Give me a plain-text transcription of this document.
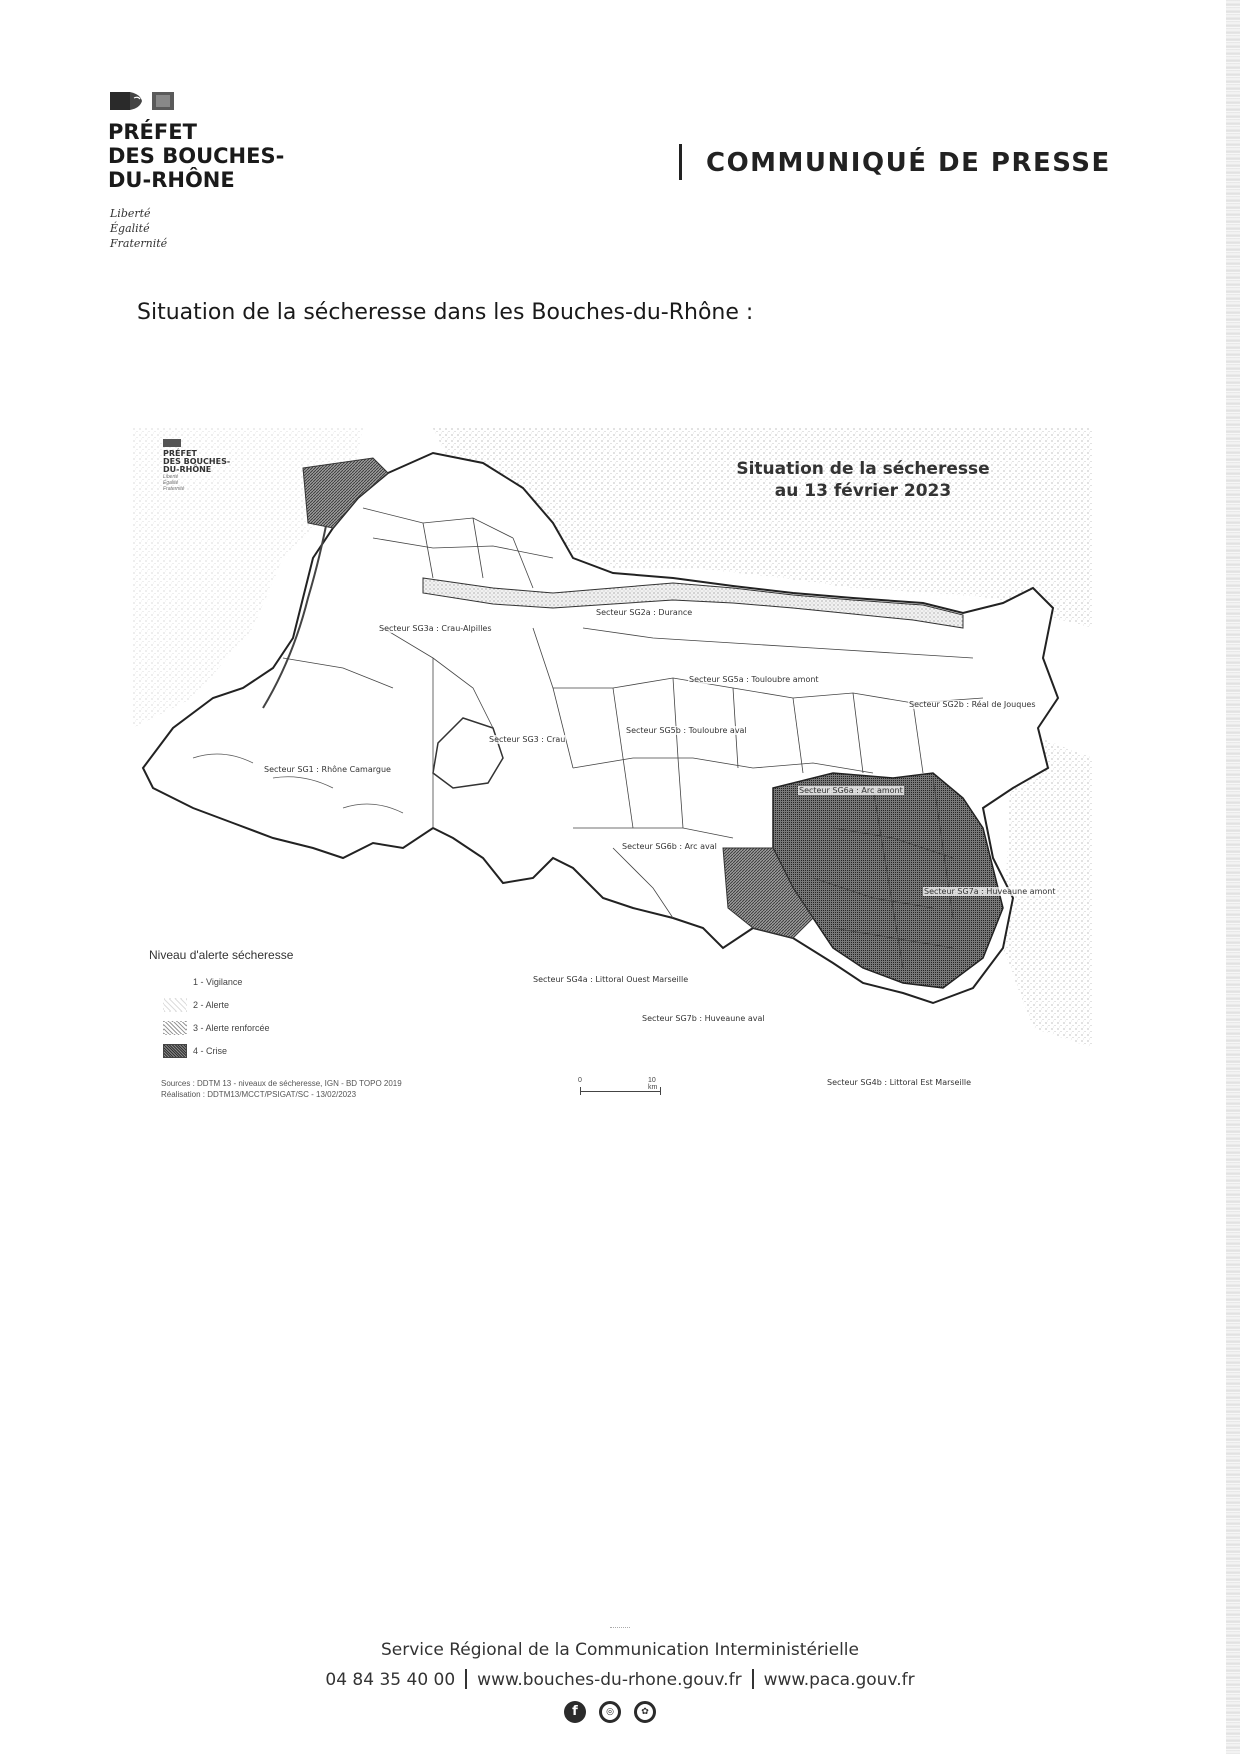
PRÉFET
DES BOUCHES-
DU-RHÔNE
Liberté
Égalité
Fraternité
COMMUNIQUÉ DE PRESSE
Situation de la sécheresse dans les Bouches-du-Rhône :
PRÉFET
DES BOUCHES-
DU-RHÔNE
Liberté
Égalité
Fraternité
Situation de la sécheresse
au 13 février 2023
Secteur SG2a : Durance
Secteur SG3a : Crau-Alpilles
Secteur SG5a : Touloubre amont
Secteur SG2b : Réal de Jouques
Secteur SG5b : Touloubre aval
Secteur SG3 : Crau
Secteur SG1 : Rhône Camargue
Secteur SG6a : Arc amont
Secteur SG6b : Arc aval
Secteur SG7a : Huveaune amont
Secteur SG4a : Littoral Ouest Marseille
Secteur SG7b : Huveaune aval
Secteur SG4b : Littoral Est Marseille
Niveau d'alerte sécheresse
1 - Vigilance
2 - Alerte
3 - Alerte renforcée
4 - Crise
Sources : DDTM 13 - niveaux de sécheresse, IGN - BD TOPO 2019
Réalisation : DDTM13/MCCT/PSIGAT/SC - 13/02/2023
0	10 km
Service Régional de la Communication Interministérielle
04 84 35 40 00 www.bouches-du-rhone.gouv.fr www.paca.gouv.fr
f	◎	✿
